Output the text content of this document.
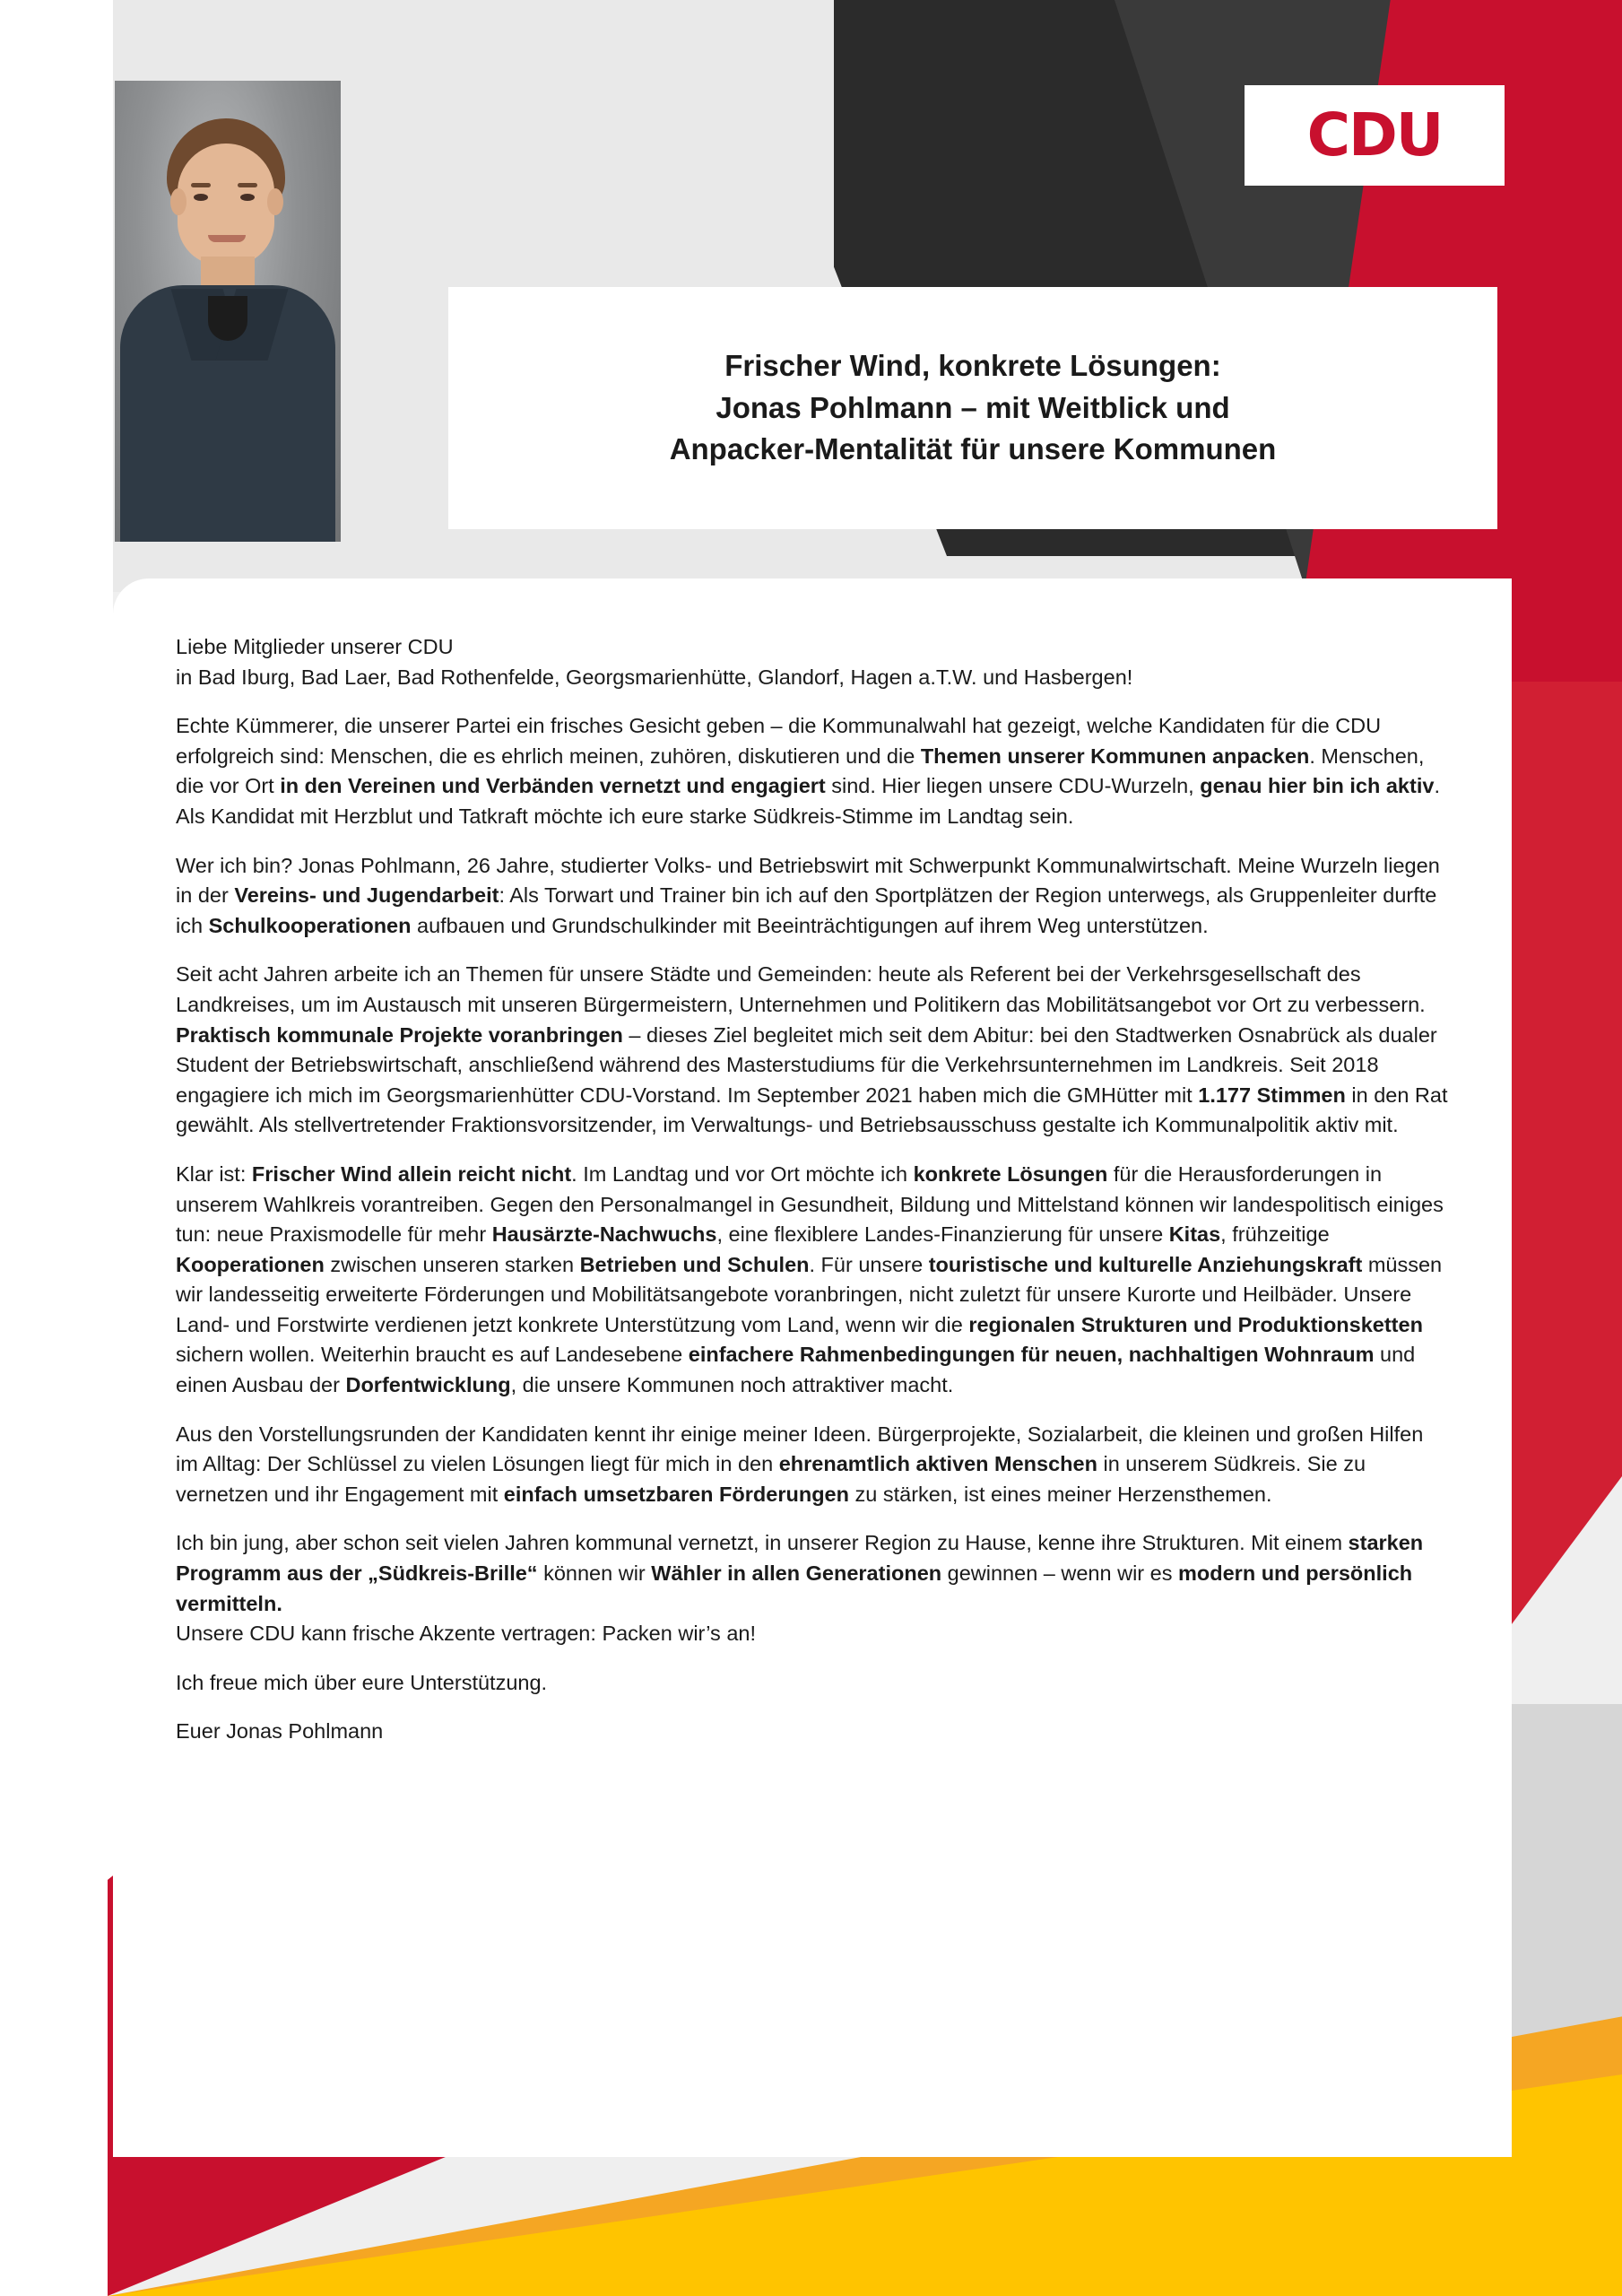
CDU
Frischer Wind, konkrete Lösungen:
Jonas Pohlmann – mit Weitblick und
Anpacker-Mentalität für unsere Kommunen

Liebe Mitglieder unserer CDU
in Bad Iburg, Bad Laer, Bad Rothenfelde, Georgsmarienhütte, Glandorf, Hagen a.T.W. und Hasbergen!

Echte Kümmerer, die unserer Partei ein frisches Gesicht geben – die Kommunalwahl hat gezeigt, welche Kandidaten für die CDU erfolgreich sind: Menschen, die es ehrlich meinen, zuhören, diskutieren und die Themen unserer Kommunen anpacken. Menschen, die vor Ort in den Vereinen und Verbänden vernetzt und engagiert sind. Hier liegen unsere CDU-Wurzeln, genau hier bin ich aktiv.
Als Kandidat mit Herzblut und Tatkraft möchte ich eure starke Südkreis-Stimme im Landtag sein.

Wer ich bin? Jonas Pohlmann, 26 Jahre, studierter Volks- und Betriebswirt mit Schwerpunkt Kommunalwirtschaft. Meine Wurzeln liegen in der Vereins- und Jugendarbeit: Als Torwart und Trainer bin ich auf den Sportplätzen der Region unterwegs, als Gruppenleiter durfte ich Schulkooperationen aufbauen und Grundschulkinder mit Beeinträchtigungen auf ihrem Weg unterstützen.

Seit acht Jahren arbeite ich an Themen für unsere Städte und Gemeinden: heute als Referent bei der Verkehrsgesellschaft des Landkreises, um im Austausch mit unseren Bürgermeistern, Unternehmen und Politikern das Mobilitätsangebot vor Ort zu verbessern. Praktisch kommunale Projekte voranbringen – dieses Ziel begleitet mich seit dem Abitur: bei den Stadtwerken Osnabrück als dualer Student der Betriebswirtschaft, anschließend während des Masterstudiums für die Verkehrsunternehmen im Landkreis. Seit 2018 engagiere ich mich im Georgsmarienhütter CDU-Vorstand. Im September 2021 haben mich die GMHütter mit 1.177 Stimmen in den Rat gewählt. Als stellvertretender Fraktionsvorsitzender, im Verwaltungs- und Betriebsausschuss gestalte ich Kommunalpolitik aktiv mit.

Klar ist: Frischer Wind allein reicht nicht. Im Landtag und vor Ort möchte ich konkrete Lösungen für die Herausforderungen in unserem Wahlkreis vorantreiben. Gegen den Personalmangel in Gesundheit, Bildung und Mittelstand können wir landespolitisch einiges tun: neue Praxismodelle für mehr Hausärzte-Nachwuchs, eine flexiblere Landes-Finanzierung für unsere Kitas, frühzeitige Kooperationen zwischen unseren starken Betrieben und Schulen. Für unsere touristische und kulturelle Anziehungskraft müssen wir landesseitig erweiterte Förderungen und Mobilitätsangebote voranbringen, nicht zuletzt für unsere Kurorte und Heilbäder. Unsere Land- und Forstwirte verdienen jetzt konkrete Unterstützung vom Land, wenn wir die regionalen Strukturen und Produktionsketten sichern wollen. Weiterhin braucht es auf Landesebene einfachere Rahmenbedingungen für neuen, nachhaltigen Wohnraum und einen Ausbau der Dorfentwicklung, die unsere Kommunen noch attraktiver macht.

Aus den Vorstellungsrunden der Kandidaten kennt ihr einige meiner Ideen. Bürgerprojekte, Sozialarbeit, die kleinen und großen Hilfen im Alltag: Der Schlüssel zu vielen Lösungen liegt für mich in den ehrenamtlich aktiven Menschen in unserem Südkreis. Sie zu vernetzen und ihr Engagement mit einfach umsetzbaren Förderungen zu stärken, ist eines meiner Herzensthemen.

Ich bin jung, aber schon seit vielen Jahren kommunal vernetzt, in unserer Region zu Hause, kenne ihre Strukturen. Mit einem starken Programm aus der „Südkreis-Brille“ können wir Wähler in allen Generationen gewinnen – wenn wir es modern und persönlich vermitteln.
Unsere CDU kann frische Akzente vertragen: Packen wir’s an!

Ich freue mich über eure Unterstützung.

Euer Jonas Pohlmann
